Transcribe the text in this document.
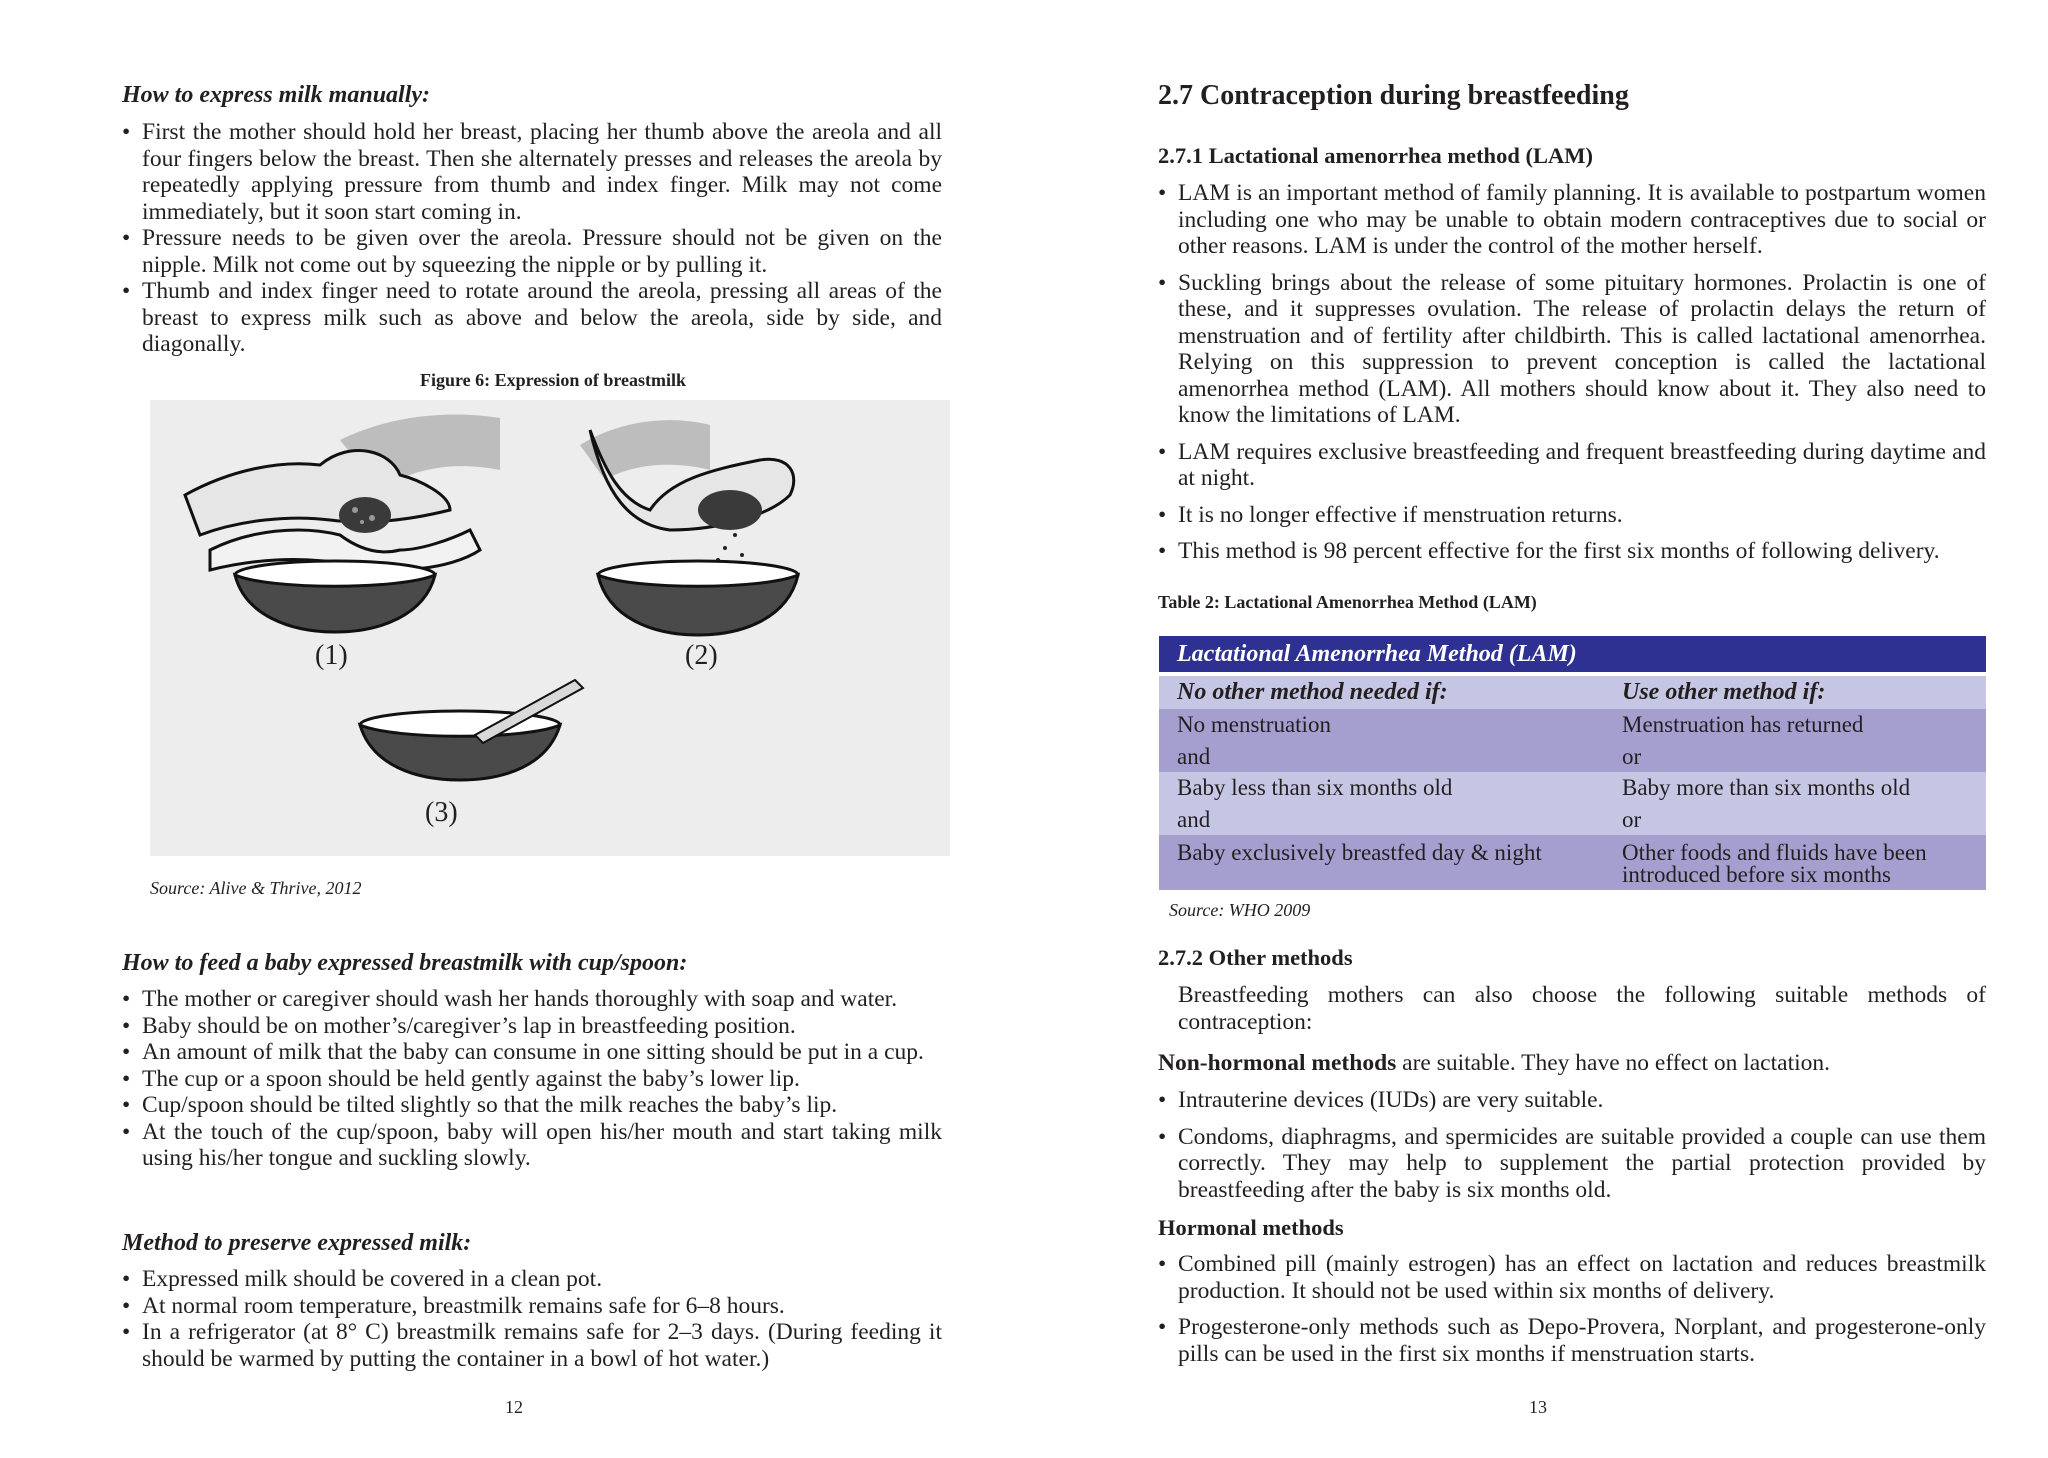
How to express milk manually:
• First the mother should hold her breast, placing her thumb above the areola and all four fingers below the breast. Then she alternately presses and releases the areola by repeatedly applying pressure from thumb and index finger. Milk may not come immediately, but it soon start coming in.
• Pressure needs to be given over the areola. Pressure should not be given on the nipple. Milk not come out by squeezing the nipple or by pulling it.
• Thumb and index finger need to rotate around the areola, pressing all areas of the breast to express milk such as above and below the areola, side by side, and diagonally.
Figure 6: Expression of breastmilk
(1)	(2)
(3)
Source: Alive & Thrive, 2012
How to feed a baby expressed breastmilk with cup/spoon:
• The mother or caregiver should wash her hands thoroughly with soap and water.
• Baby should be on mother’s/caregiver’s lap in breastfeeding position.
• An amount of milk that the baby can consume in one sitting should be put in a cup.
• The cup or a spoon should be held gently against the baby’s lower lip.
• Cup/spoon should be tilted slightly so that the milk reaches the baby’s lip.
• At the touch of the cup/spoon, baby will open his/her mouth and start taking milk using his/her tongue and suckling slowly.
Method to preserve expressed milk:
• Expressed milk should be covered in a clean pot.
• At normal room temperature, breastmilk remains safe for 6–8 hours.
• In a refrigerator (at 8° C) breastmilk remains safe for 2–3 days. (During feeding it should be warmed by putting the container in a bowl of hot water.)
12
2.7 Contraception during breastfeeding
2.7.1 Lactational amenorrhea method (LAM)
• LAM is an important method of family planning. It is available to postpartum women including one who may be unable to obtain modern contraceptives due to social or other reasons. LAM is under the control of the mother herself.
• Suckling brings about the release of some pituitary hormones. Prolactin is one of these, and it suppresses ovulation. The release of prolactin delays the return of menstruation and of fertility after childbirth. This is called lactational amenorrhea. Relying on this suppression to prevent conception is called the lactational amenorrhea method (LAM). All mothers should know about it. They also need to know the limitations of LAM.
• LAM requires exclusive breastfeeding and frequent breastfeeding during daytime and at night.
• It is no longer effective if menstruation returns.
• This method is 98 percent effective for the first six months of following delivery.
Table 2: Lactational Amenorrhea Method (LAM)
Lactational Amenorrhea Method (LAM)
No other method needed if:	Use other method if:
No menstruation	Menstruation has returned
and	or
Baby less than six months old	Baby more than six months old
and	or
Baby exclusively breastfed day & night	Other foods and fluids have been introduced before six months
Source: WHO 2009
2.7.2 Other methods
Breastfeeding mothers can also choose the following suitable methods of contraception:
Non-hormonal methods are suitable. They have no effect on lactation.
• Intrauterine devices (IUDs) are very suitable.
• Condoms, diaphragms, and spermicides are suitable provided a couple can use them correctly. They may help to supplement the partial protection provided by breastfeeding after the baby is six months old.
Hormonal methods
• Combined pill (mainly estrogen) has an effect on lactation and reduces breastmilk production. It should not be used within six months of delivery.
• Progesterone-only methods such as Depo-Provera, Norplant, and progesterone-only pills can be used in the first six months if menstruation starts.
13
